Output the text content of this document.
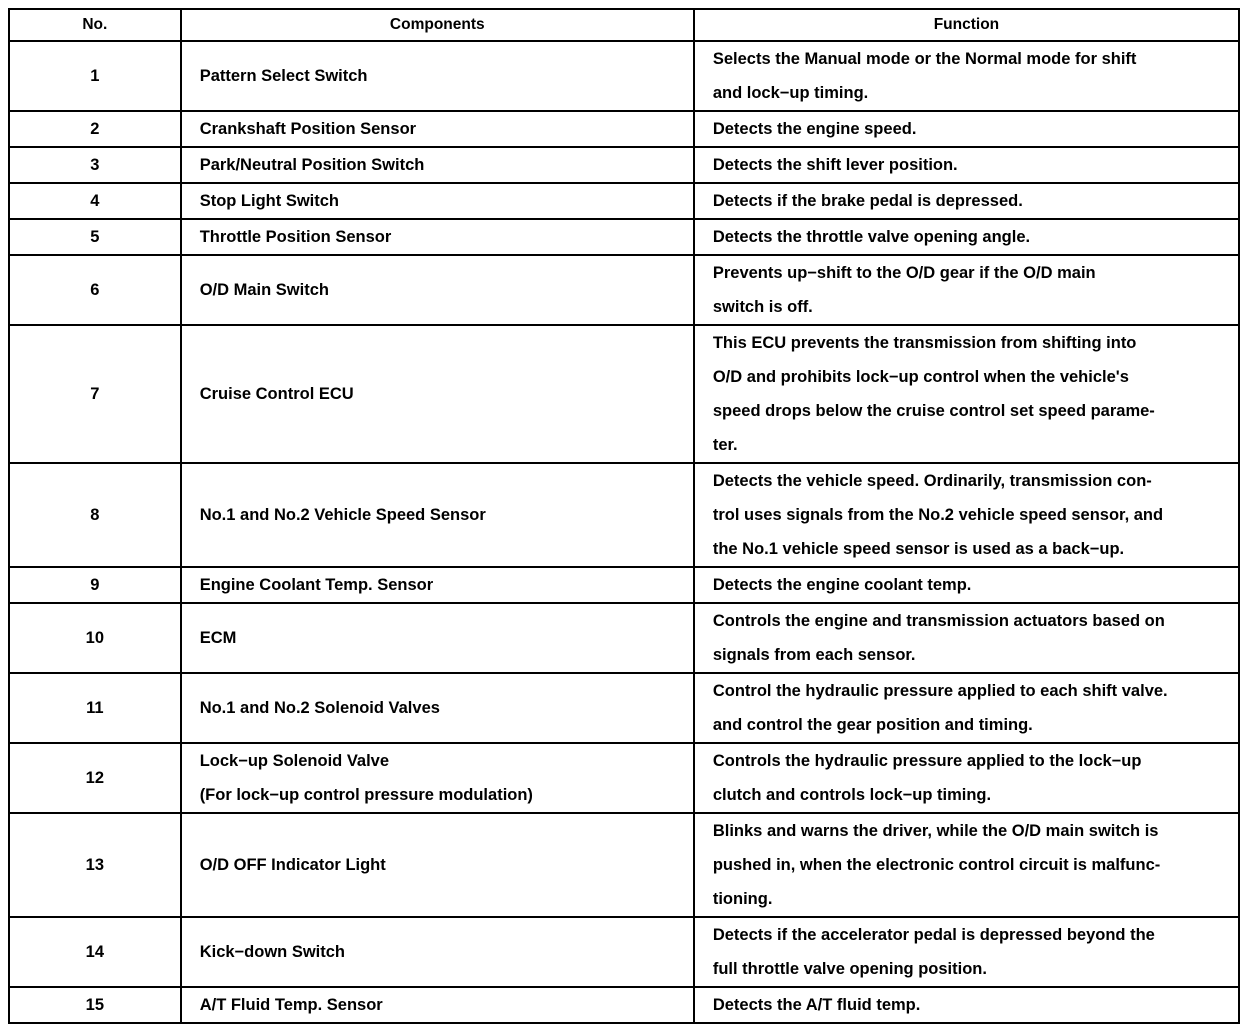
No.	Components	Function
1	Pattern Select Switch	Selects the Manual mode or the Normal mode for shift
and lock−up timing.

2	Crankshaft Position Sensor	Detects the engine speed.

3	Park/Neutral Position Switch	Detects the shift lever position.

4	Stop Light Switch	Detects if the brake pedal is depressed.

5	Throttle Position Sensor	Detects the throttle valve opening angle.

6	O/D Main Switch	Prevents up−shift to the O/D gear if the O/D main
switch is off.

7	Cruise Control ECU	This ECU prevents the transmission from shifting into
O/D and prohibits lock−up control when the vehicle's
speed drops below the cruise control set speed parame-
ter.

8	No.1 and No.2 Vehicle Speed Sensor	Detects the vehicle speed. Ordinarily, transmission con-
trol uses signals from the No.2 vehicle speed sensor, and
the No.1 vehicle speed sensor is used as a back−up.

9	Engine Coolant Temp. Sensor	Detects the engine coolant temp.

10	ECM	Controls the engine and transmission actuators based on
signals from each sensor.

11	No.1 and No.2 Solenoid Valves	Control the hydraulic pressure applied to each shift valve.
and control the gear position and timing.

12	Lock−up Solenoid Valve
(For lock−up control pressure modulation)	Controls the hydraulic pressure applied to the lock−up
clutch and controls lock−up timing.

13	O/D OFF Indicator Light	Blinks and warns the driver, while the O/D main switch is
pushed in, when the electronic control circuit is malfunc-
tioning.

14	Kick−down Switch	Detects if the accelerator pedal is depressed beyond the
full throttle valve opening position.

15	A/T Fluid Temp. Sensor	Detects the A/T fluid temp.
